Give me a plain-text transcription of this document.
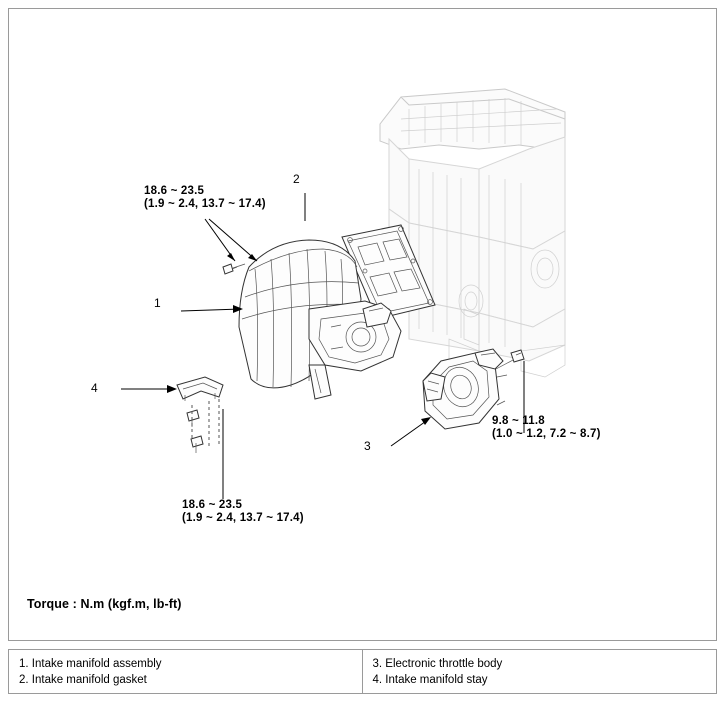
18.6 ~ 23.5
(1.9 ~ 2.4, 13.7 ~ 17.4)
18.6 ~ 23.5
(1.9 ~ 2.4, 13.7 ~ 17.4)
9.8 ~ 11.8
(1.0 ~ 1.2, 7.2 ~ 8.7)
1
2
3
4
Torque : N.m (kgf.m, lb-ft)
1. Intake manifold assembly
2. Intake manifold gasket
3. Electronic throttle body
4. Intake manifold stay
